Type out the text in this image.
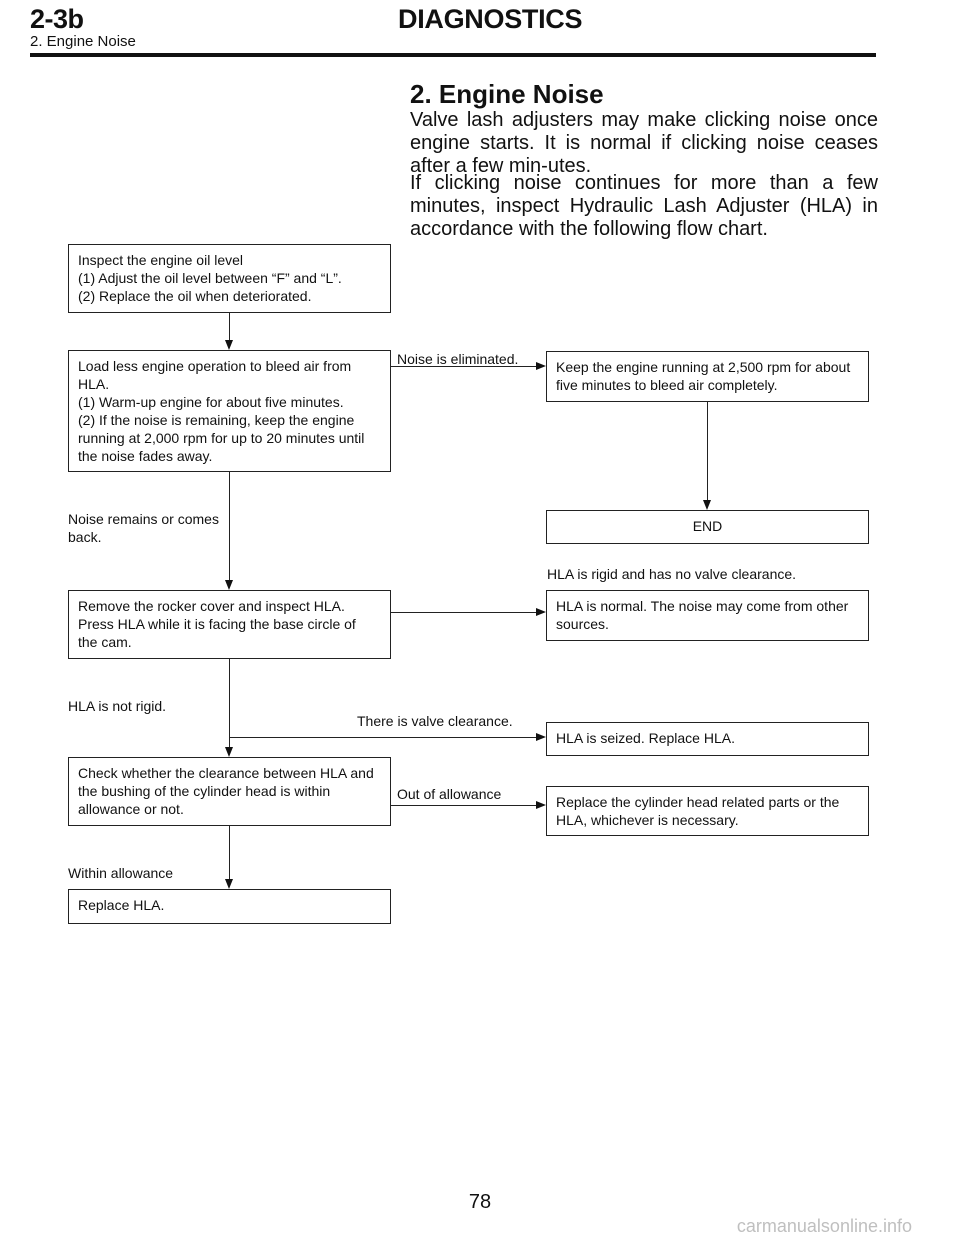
2-3b	DIAGNOSTICS
2. Engine Noise
2. Engine Noise

Valve lash adjusters may make clicking noise once engine starts. It is normal if clicking noise ceases after a few min-utes.

If clicking noise continues for more than a few minutes, inspect Hydraulic Lash Adjuster (HLA) in accordance with the following flow chart.

Inspect the engine oil level
(1) Adjust the oil level between “F” and “L”.
(2) Replace the oil when deteriorated.
Load less engine operation to bleed air from
HLA.
(1) Warm-up engine for about five minutes.
(2) If the noise is remaining, keep the engine
running at 2,000 rpm for up to 20 minutes until
the noise fades away.
Keep the engine running at 2,500 rpm for about
five minutes to bleed air completely.
END
Remove the rocker cover and inspect HLA.
Press HLA while it is facing the base circle of
the cam.
HLA is normal. The noise may come from other
sources.
HLA is seized. Replace HLA.
Check whether the clearance between HLA and
the bushing of the cylinder head is within
allowance or not.	Replace the cylinder head related parts or the
HLA, whichever is necessary.
Replace HLA.
Noise is eliminated.
Noise remains or comes
back.
HLA is rigid and has no valve clearance.
HLA is not rigid.
There is valve clearance.
Out of allowance
Within allowance
78
carmanualsonline.info
